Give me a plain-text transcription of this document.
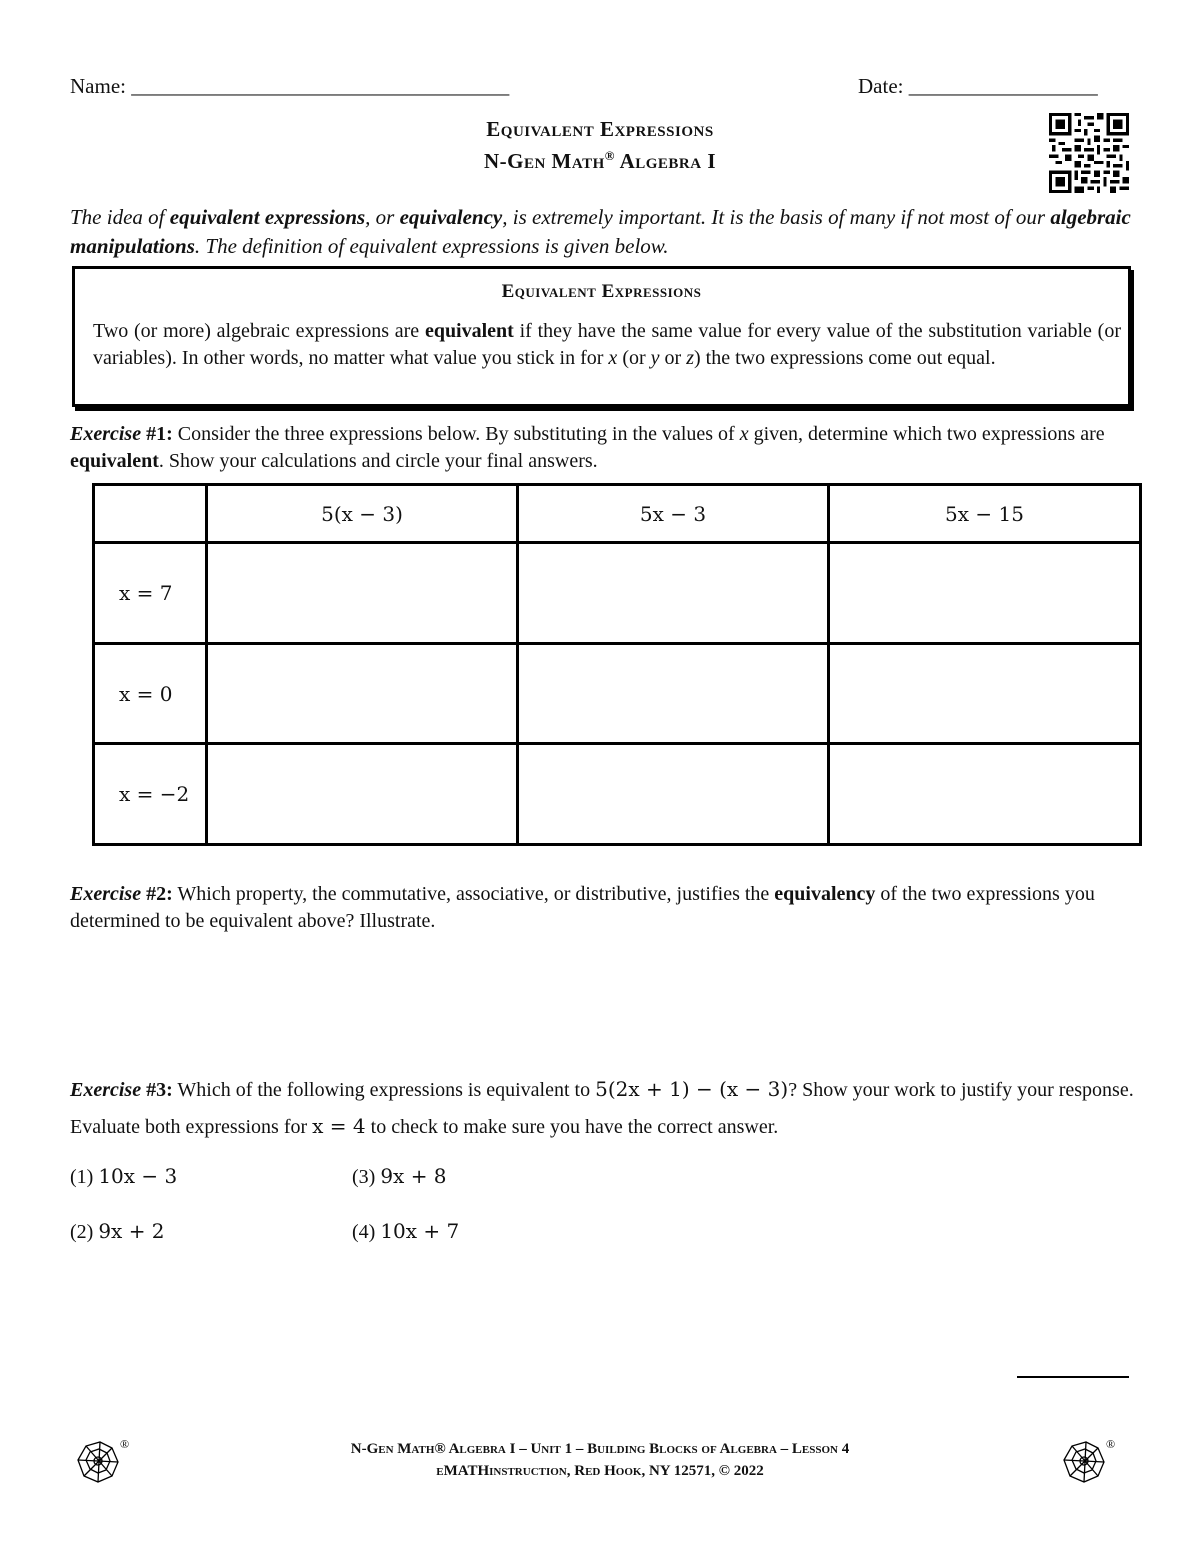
Name: ____________________________________	Date: __________________
Equivalent Expressions
N-Gen Math® Algebra I
The idea of equivalent expressions, or equivalency, is extremely important. It is the basis of many if not most of our algebraic manipulations. The definition of equivalent expressions is given below.
Equivalent Expressions
Two (or more) algebraic expressions are equivalent if they have the same value for every value of the substitution variable (or variables). In other words, no matter what value you stick in for x (or y or z) the two expressions come out equal.
Exercise #1: Consider the three expressions below. By substituting in the values of x given, determine which two expressions are equivalent. Show your calculations and circle your final answers.
	5(x − 3)	5x − 3	5x − 15
x = 7			
x = 0			
x = −2			
Exercise #2: Which property, the commutative, associative, or distributive, justifies the equivalency of the two expressions you determined to be equivalent above? Illustrate.
Exercise #3: Which of the following expressions is equivalent to 5(2x + 1) − (x − 3)? Show your work to justify your response. Evaluate both expressions for x = 4 to check to make sure you have the correct answer.
(1) 10x − 3
(2) 9x + 2
(3) 9x + 8
(4) 10x + 7
®	N-Gen Math® Algebra I – Unit 1 – Building Blocks of Algebra – Lesson 4
eMATHinstruction, Red Hook, NY 12571, © 2022
®
